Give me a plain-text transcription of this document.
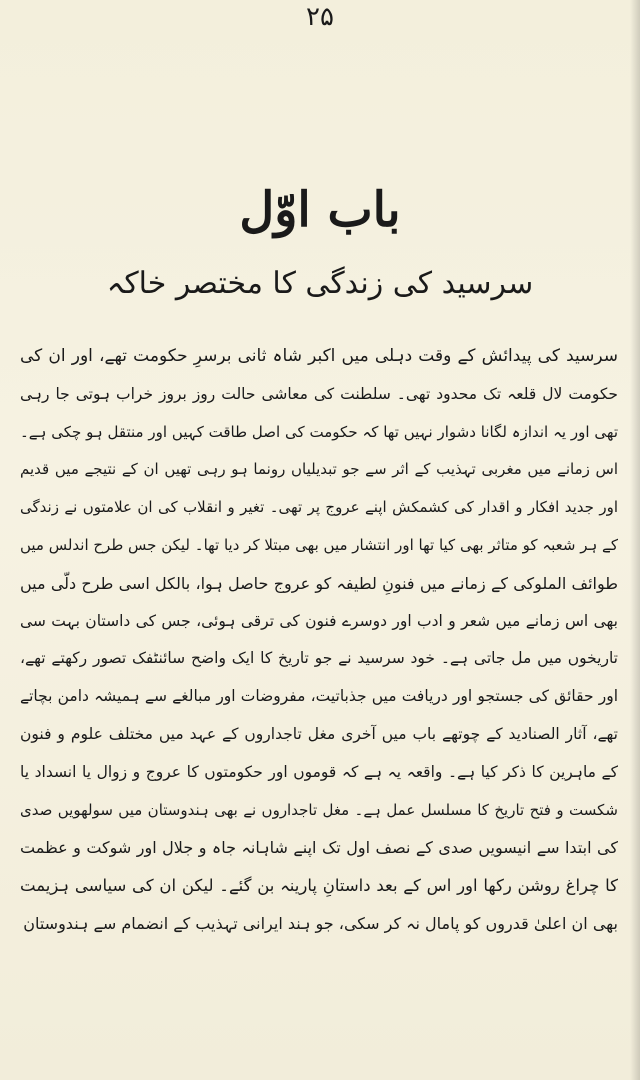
۲۵
باب اوّل
سرسید کی زندگی کا مختصر خاکہ
سرسید کی پیدائش کے وقت دہلی میں اکبر شاہ ثانی برسرِ حکومت تھے، اور ان کی
حکومت لال قلعہ تک محدود تھی۔ سلطنت کی معاشی حالت روز بروز خراب ہوتی جا رہی
تھی اور یہ اندازہ لگانا دشوار نہیں تھا کہ حکومت کی اصل طاقت کہیں اور منتقل ہو چکی ہے۔
اس زمانے میں مغربی تہذیب کے اثر سے جو تبدیلیاں رونما ہو رہی تھیں ان کے نتیجے میں قدیم
اور جدید افکار و اقدار کی کشمکش اپنے عروج پر تھی۔ تغیر و انقلاب کی ان علامتوں نے زندگی
کے ہر شعبہ کو متاثر بھی کیا تھا اور انتشار میں بھی مبتلا کر دیا تھا۔ لیکن جس طرح اندلس میں
طوائف الملوکی کے زمانے میں فنونِ لطیفہ کو عروج حاصل ہوا، بالکل اسی طرح دلّی میں
بھی اس زمانے میں شعر و ادب اور دوسرے فنون کی ترقی ہوئی، جس کی داستان بہت سی
تاریخوں میں مل جاتی ہے۔ خود سرسید نے جو تاریخ کا ایک واضح سائنٹفک تصور رکھتے تھے،
اور حقائق کی جستجو اور دریافت میں جذباتیت، مفروضات اور مبالغے سے ہمیشہ دامن بچاتے
تھے، آثار الصنادید کے چوتھے باب میں آخری مغل تاجداروں کے عہد میں مختلف علوم و فنون
کے ماہرین کا ذکر کیا ہے۔ واقعہ یہ ہے کہ قوموں اور حکومتوں کا عروج و زوال یا انسداد یا
شکست و فتح تاریخ کا مسلسل عمل ہے۔ مغل تاجداروں نے بھی ہندوستان میں سولھویں صدی
کی ابتدا سے انیسویں صدی کے نصف اول تک اپنے شاہانہ جاہ و جلال اور شوکت و عظمت
کا چراغ روشن رکھا اور اس کے بعد داستانِ پارینہ بن گئے۔ لیکن ان کی سیاسی ہزیمت
بھی ان اعلیٰ قدروں کو پامال نہ کر سکی، جو ہند ایرانی تہذیب کے انضمام سے ہندوستان
